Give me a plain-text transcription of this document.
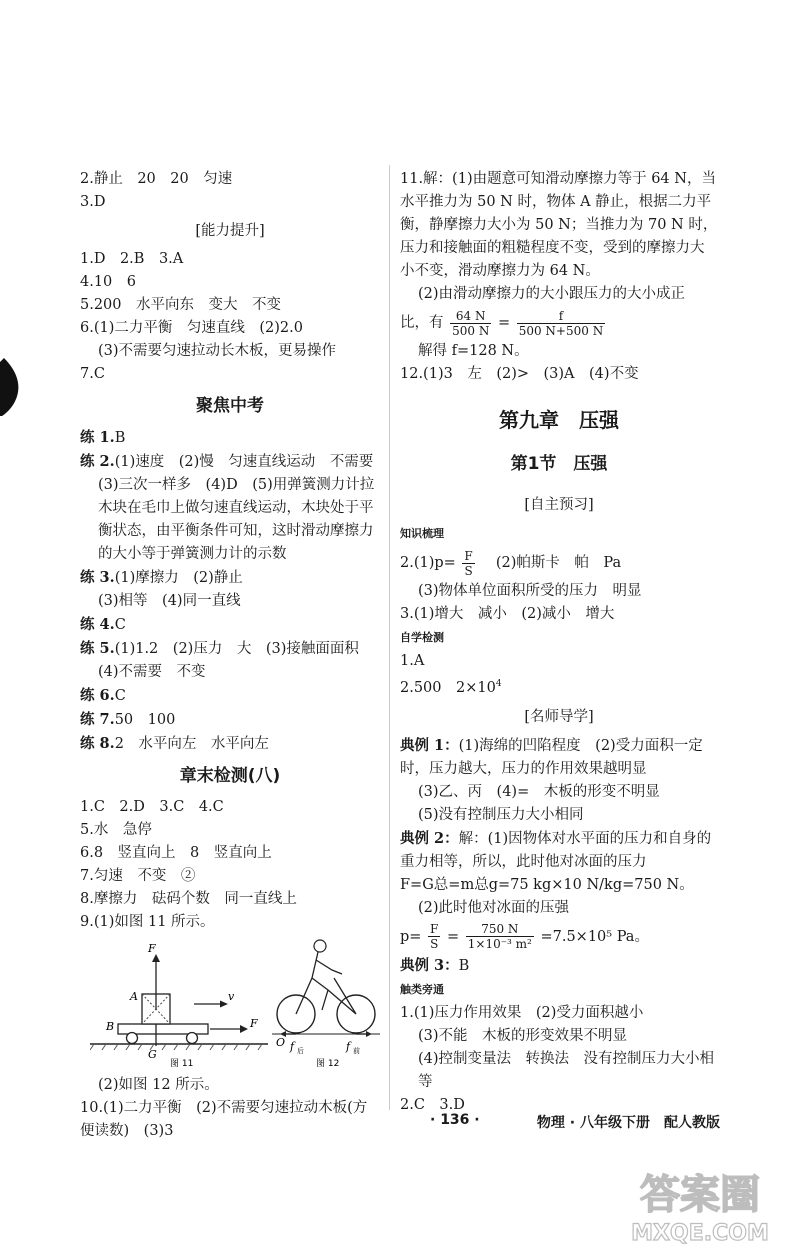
2.静止　20　20　匀速
3.D
[能力提升]
1.D　2.B　3.A
4.10　6
5.200　水平向东　变大　不变
6.(1)二力平衡　匀速直线　(2)2.0
(3)不需要匀速拉动长木板，更易操作
7.C
聚焦中考
练 1.B
练 2.(1)速度　(2)慢　匀速直线运动　不需要
(3)三次一样多　(4)D　(5)用弹簧测力计拉木块在毛巾上做匀速直线运动，木块处于平衡状态，由平衡条件可知，这时滑动摩擦力的大小等于弹簧测力计的示数
练 3.(1)摩擦力　(2)静止
(3)相等　(4)同一直线
练 4.C
练 5.(1)1.2　(2)压力　大　(3)接触面面积
(4)不需要　不变
练 6.C
练 7.50　100
练 8.2　水平向左　水平向左
章末检测(八)
1.C　2.D　3.C　4.C
5.水　急停
6.8　竖直向上　8　竖直向上
7.匀速　不变　②
8.摩擦力　砝码个数　同一直线上
9.(1)如图 11 所示。
F
A	v
B	F
G
图 11
O f 后	f 前
图 12
(2)如图 12 所示。
10.(1)二力平衡　(2)不需要匀速拉动木板(方便读数)　(3)3
11.解：(1)由题意可知滑动摩擦力等于 64 N，当水平推力为 50 N 时，物体 A 静止，根据二力平衡，静摩擦力大小为 50 N；当推力为 70 N 时，压力和接触面的粗糙程度不变，受到的摩擦力大小不变，滑动摩擦力为 64 N。
(2)由滑动摩擦力的大小跟压力的大小成正
比，有 $\frac{64 N}{500 N} = \frac{f}{500 N+500 N}$
解得 f=128 N。
12.(1)3　左　(2)>　(3)A　(4)不变
第九章　压强
第1节　压强
[自主预习]
知识梳理
$2.(1)p= \frac{F}{S}$ 　(2)帕斯卡　帕　Pa
(3)物体单位面积所受的压力　明显
3.(1)增大　减小　(2)减小　增大
自学检测
1.A
2.500　$2\times 10^4$
[名师导学]
典例 1：(1)海绵的凹陷程度　(2)受力面积一定时，压力越大，压力的作用效果越明显
(3)乙、丙　(4)=　木板的形变不明显
(5)没有控制压力大小相同
典例 2：解：(1)因物体对水平面的压力和自身的重力相等，所以，此时他对冰面的压力
F=G总=m总g=75 kg×10 N/kg=750 N。
(2)此时他对冰面的压强
$p= \frac{F}{S} = \frac{750 N}{\text{1×10⁻³ m²}} =7.5\times 10^5$ Pa。
典例 3：B
触类旁通
1.(1)压力作用效果　(2)受力面积越小
(3)不能　木板的形变效果不明显
(4)控制变量法　转换法　没有控制压力大小相等
2.C　3.D
· 136 ·	物理 · 八年级下册　配人教版
答案圈
MXQE.COM
